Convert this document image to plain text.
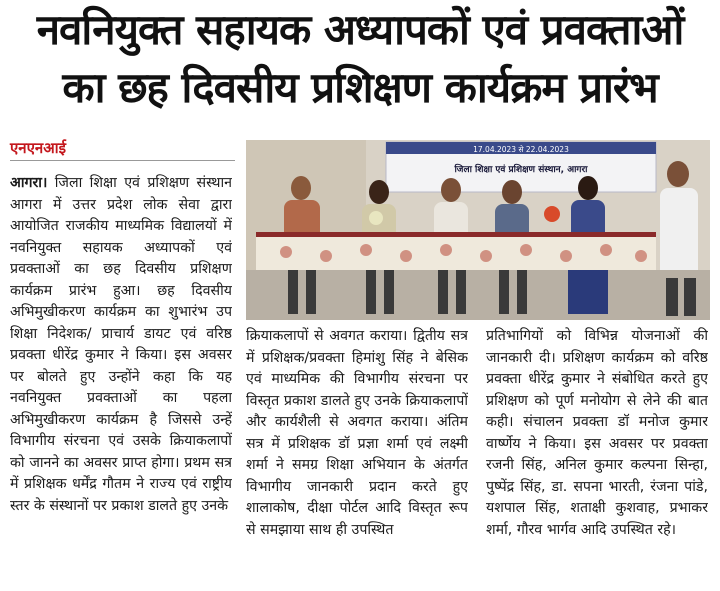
नवनियुक्त सहायक अध्यापकों एवं प्रवक्ताओं
का छह दिवसीय प्रशिक्षण कार्यक्रम प्रारंभ
एनएनआई
आगरा। जिला शिक्षा एवं प्रशिक्षण संस्थान आगरा में उत्तर प्रदेश लोक सेवा द्वारा आयोजित राजकीय माध्यमिक विद्यालयों में नवनियुक्त सहायक अध्यापकों एवं प्रवक्ताओं का छह दिवसीय प्रशिक्षण कार्यक्रम प्रारंभ हुआ। छह दिवसीय अभिमुखीकरण कार्यक्रम का शुभारंभ उप शिक्षा निदेशक/ प्राचार्य डायट एवं वरिष्ठ प्रवक्ता धीरेंद्र कुमार ने किया। इस अवसर पर बोलते हुए उन्होंने कहा कि यह नवनियुक्त प्रवक्ताओं का पहला अभिमुखीकरण कार्यक्रम है जिससे उन्हें विभागीय संरचना एवं उसके क्रियाकलापों को जानने का अवसर प्राप्त होगा। प्रथम सत्र में प्रशिक्षक धर्मेंद्र गौतम ने राज्य एवं राष्ट्रीय स्तर के संस्थानों पर प्रकाश डालते हुए उनके
17.04.2023 से 22.04.2023
जिला शिक्षा एवं प्रशिक्षण संस्थान, आगरा
क्रियाकलापों से अवगत कराया। द्वितीय सत्र में प्रशिक्षक/प्रवक्ता हिमांशु सिंह ने बेसिक एवं माध्यमिक की विभागीय संरचना पर विस्तृत प्रकाश डालते हुए उनके क्रियाकलापों और कार्यशैली से अवगत कराया। अंतिम सत्र में प्रशिक्षक डॉ प्रज्ञा शर्मा एवं लक्ष्मी शर्मा ने समग्र शिक्षा अभियान के अंतर्गत विभागीय जानकारी प्रदान करते हुए शालाकोष, दीक्षा पोर्टल आदि विस्तृत रूप से समझाया साथ ही उपस्थित
प्रतिभागियों को विभिन्न योजनाओं की जानकारी दी। प्रशिक्षण कार्यक्रम को वरिष्ठ प्रवक्ता धीरेंद्र कुमार ने संबोधित करते हुए प्रशिक्षण को पूर्ण मनोयोग से लेने की बात कही। संचालन प्रवक्ता डॉ मनोज कुमार वार्ष्णेय ने किया। इस अवसर पर प्रवक्ता रजनी सिंह, अनिल कुमार कल्पना सिन्हा, पुष्पेंद्र सिंह, डा. सपना भारती, रंजना पांडे, यशपाल सिंह, शताक्षी कुशवाह, प्रभाकर शर्मा, गौरव भार्गव आदि उपस्थित रहे।
